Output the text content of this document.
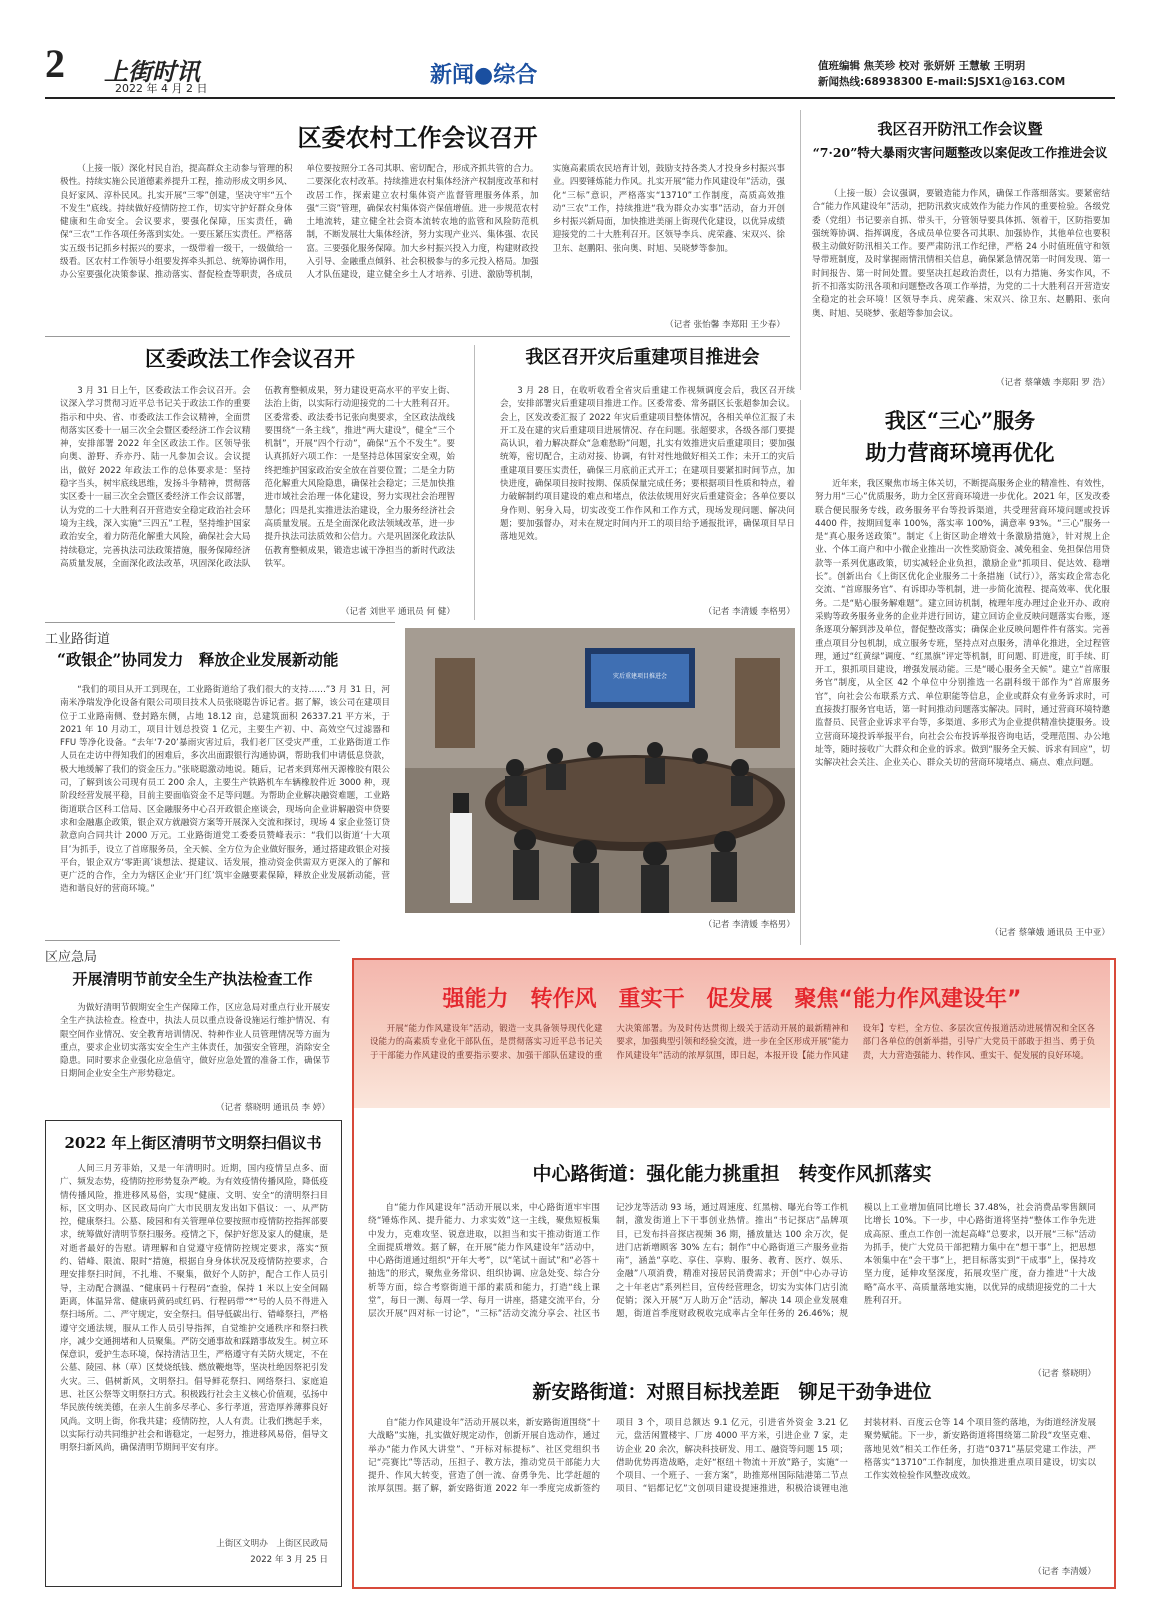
2 上街时讯
2022 年 4 月 2 日
新闻●综合	值班编辑 焦芙珍 校对 张妍妍 王慧敏 王明玥
新闻热线:68938300 E-mail:SJSX1@163.COM
区委农村工作会议召开

（上接一版）深化村民自治，提高群众主动参与管理的积极性。持续实施公民道德素养提升工程，推动形成文明乡风、良好家风、淳朴民风。扎实开展“三零”创建，坚决守牢“五个不发生”底线。持续做好疫情防控工作，切实守护好群众身体健康和生命安全。会议要求，要强化保障，压实责任，确保“三农”工作各项任务落到实处。一要压紧压实责任。严格落实五级书记抓乡村振兴的要求，一级带着一级干，一级做给一级看。区农村工作领导小组要发挥牵头抓总、统筹协调作用，办公室要强化决策参谋、推动落实、督促检查等职责，各成员单位要按照分工各司其职、密切配合，形成齐抓共管的合力。二要深化农村改革。持续推进农村集体经济产权制度改革和村改居工作，探索建立农村集体资产监督管理服务体系，加强“三资”管理，确保农村集体资产保值增值。进一步规范农村土地流转，建立健全社会资本流转农地的监管和风险防范机制，不断发展壮大集体经济，努力实现产业兴、集体强、农民富。三要强化服务保障。加大乡村振兴投入力度，构建财政投入引导、金融重点倾斜、社会积极参与的多元投入格局。加强人才队伍建设，建立健全乡土人才培养、引进、激励等机制，实施高素质农民培育计划，鼓励支持各类人才投身乡村振兴事业。四要锤炼能力作风。扎实开展“能力作风建设年”活动，强化“三标”意识，严格落实“13710”工作制度，高质高效推动“三农”工作，持续推进“我为群众办实事”活动，奋力开创乡村振兴新局面，加快推进美丽上街现代化建设，以优异成绩迎接党的二十大胜利召开。区领导李兵、虎荣鑫、宋双兴、徐卫东、赵鹏阳、张向奥、时旭、吴晓梦等参加。

（记者 张怡馨 李郑阳 王少春）
我区召开防汛工作会议暨
“7·20”特大暴雨灾害问题整改以案促改工作推进会议

（上接一版）会议强调，要锻造能力作风，确保工作落细落实。要紧密结合“能力作风建设年”活动，把防汛救灾成效作为能力作风的重要检验。各级党委（党组）书记要亲自抓、带头干，分管领导要具体抓、领着干，区防指要加强统筹协调、指挥调度，各成员单位要各司其职、加强协作，其他单位也要积极主动做好防汛相关工作。要严肃防汛工作纪律，严格 24 小时值班值守和领导带班制度，及时掌握雨情汛情相关信息，确保紧急情况第一时间发现、第一时间报告、第一时间处置。要坚决扛起政治责任，以有力措施、务实作风，不折不扣落实防汛各项和问题整改各项工作举措，为党的二十大胜利召开营造安全稳定的社会环境！区领导李兵、虎荣鑫、宋双兴、徐卫东、赵鹏阳、张向奥、时旭、吴晓梦、张超等参加会议。

（记者 蔡肇娥 李郑阳 罗 浩）
区委政法工作会议召开

3 月 31 日上午，区委政法工作会议召开。会议深入学习贯彻习近平总书记关于政法工作的重要指示和中央、省、市委政法工作会议精神，全面贯彻落实区委十一届三次全会暨区委经济工作会议精神，安排部署 2022 年全区政法工作。区领导张向奥、游野、乔亦丹、陆一凡参加会议。会议提出，做好 2022 年政法工作的总体要求是：坚持稳字当头，树牢底线思维，发扬斗争精神，贯彻落实区委十一届三次全会暨区委经济工作会议部署，认为党的二十大胜利召开营造安全稳定政治社会环境为主线，深入实施“三四五”工程，坚持维护国家政治安全，着力防范化解重大风险，确保社会大局持续稳定，完善执法司法政策措施，服务保障经济高质量发展，全面深化政法改革，巩固深化政法队伍教育整顿成果，努力建设更高水平的平安上街、法治上街，以实际行动迎接党的二十大胜利召开。区委常委、政法委书记张向奥要求，全区政法战线要围绕“一条主线”，推进“两大建设”，健全“三个机制”，开展“四个行动”，确保“五个不发生”。要认真抓好六项工作：一是坚持总体国家安全观，始终把维护国家政治安全放在首要位置；二是全力防范化解重大风险隐患，确保社会稳定；三是加快推进市域社会治理一体化建设，努力实现社会治理智慧化；四是扎实推进法治建设，全力服务经济社会高质量发展。五是全面深化政法领域改革，进一步提升执法司法质效和公信力。六是巩固深化政法队伍教育整顿成果，锻造忠诚干净担当的新时代政法铁军。

（记者 刘世平 通讯员 何 健）
我区召开灾后重建项目推进会

3 月 28 日，在收听收看全省灾后重建工作视频调度会后，我区召开续会，安排部署灾后重建项目推进工作。区委常委、常务副区长张超参加会议。会上，区发改委汇报了 2022 年灾后重建项目整体情况，各相关单位汇报了未开工及在建的灾后重建项目进展情况、存在问题。张超要求，各级各部门要提高认识，着力解决群众“急难愁盼”问题，扎实有效推进灾后重建项目；要加强统筹，密切配合，主动对接、协调，有针对性地做好相关工作；未开工的灾后重建项目要压实责任，确保三月底前正式开工；在建项目要紧扣时间节点，加快进度，确保项目按时按期、保质保量完成任务；要根据项目性质和特点，着力破解制约项目建设的难点和堵点，依法依规用好灾后重建资金；各单位要以身作则、躬身入局，切实改变工作作风和工作方式，现场发现问题、解决问题；要加强督办，对未在规定时间内开工的项目给予通报批评，确保项目早日落地见效。

（记者 李清媛 李格男）
我区“三心”服务
助力营商环境再优化

近年来，我区聚焦市场主体关切，不断提高服务企业的精准性、有效性，努力用“三心”优质服务，助力全区营商环境进一步优化。2021 年，区发改委联合便民服务专线，政务服务平台等投诉渠道，共受理营商环境问题或投诉 4400 件，按期回复率 100%，落实率 100%，满意率 93%。“三心”服务一是“真心服务送政策”。制定《上街区助企增效十条激励措施》，针对规上企业、个体工商户和中小微企业推出一次性奖励资金、减免租金、免担保信用贷款等一系列优惠政策，切实减轻企业负担，激励企业“抓项目、促达效、稳增长”。创新出台《上街区优化企业服务二十条措施（试行）》，落实政企常态化交流、“首席服务官”、有诉即办等机制，进一步简化流程、提高效率、优化服务。二是“贴心服务解难题”。建立回访机制，梳理年度办理过企业开办、政府采购等政务服务业务的企业并进行回访，建立回访企业反映问题落实台账，逐条逐项分解到涉及单位，督促整改落实；确保企业反映问题件件有落实。完善重点项目分包机制，成立服务专班，坚持点对点服务，清单化推进，全过程管理，通过“红黄绿”调度、“红黑旗”评定等机制，盯问题、盯进度，盯手续、盯开工，狠抓项目建设，增强发展动能。三是“暖心服务全天候”。建立“首席服务官”制度，从全区 42 个单位中分别推选一名副科级干部作为“首席服务官”，向社会公布联系方式、单位职能等信息，企业或群众有业务诉求时，可直接拨打服务官电话，第一时间推动问题落实解决。同时，通过营商环境特邀监督员、民营企业诉求平台等，多渠道、多形式为企业提供精准快捷服务。设立营商环境投诉举报平台，向社会公布投诉举报咨询电话，受理范围、办公地址等，随时接收广大群众和企业的诉求。做到“服务全天候、诉求有回应”，切实解决社会关注、企业关心、群众关切的营商环境堵点、痛点、难点问题。

（记者 蔡肇娥 通讯员 王中亚）
工业路街道
“政银企”协同发力　释放企业发展新动能

“我们的项目从开工到现在，工业路街道给了我们很大的支持……”3 月 31 日，河南米净瑞发净化设备有限公司项目技术人员张晓聪告诉记者。据了解，该公司在建项目位于工业路南侧、登封路东侧，占地 18.12 亩，总建筑面积 26337.21 平方米，于 2021 年 10 月动工，项目计划总投资 1 亿元，主要生产初、中、高效空气过滤器和 FFU 等净化设备。“去年‘7·20’暴雨灾害过后，我们老厂区受灾严重，工业路街道工作人员在走访中得知我们的困难后，多次出面跟银行沟通协调，帮助我们申请低息贷款，极大地缓解了我们的资金压力。”张晓聪激动地说。随后，记者来到郑州天源橡胶有限公司，了解到该公司现有员工 200 余人，主要生产铁路机车车辆橡胶件近 3000 种，现阶段经营发展平稳，目前主要面临资金不足等问题。为帮助企业解决融资难题，工业路街道联合区科工信局、区金融服务中心召开政银企座谈会，现场向企业讲解融资申贷要求和金融惠企政策，银企双方就融资方案等开展深入交流和探讨，现场 4 家企业签订贷款意向合同共计 2000 万元。工业路街道党工委委员赞峰表示：“我们以街道‘十大项目’为抓手，设立了首席服务员，全天候、全方位为企业做好服务，通过搭建政银企对接平台，银企双方‘零距离’谈想法、提建议、话发展，推动资金供需双方更深入的了解和更广泛的合作，全力为辖区企业‘开门红’筑牢金融要素保障，释放企业发展新动能，营造和谐良好的营商环境。”

灾后重建项目推进会
（记者 李清媛 李格男）
区应急局
开展清明节前安全生产执法检查工作

为做好清明节假期安全生产保障工作，区应急局对重点行业开展安全生产执法检查。检查中，执法人员以重点设备设施运行维护情况、有限空间作业情况、安全教育培训情况、特种作业人员管理情况等方面为重点，要求企业切实落实安全生产主体责任，加强安全管理，消除安全隐患。同时要求企业强化应急值守，做好应急处置的准备工作，确保节日期间企业安全生产形势稳定。

（记者 蔡晓明 通讯员 李 婷）
2022 年上街区清明节文明祭扫倡议书

人间三月芳菲始，又是一年清明时。近期，国内疫情呈点多、面广、频发态势，疫情防控形势复杂严峻。为有效疫情传播风险，降低疫情传播风险，推进移风易俗，实现“健康、文明、安全”的清明祭扫目标，区文明办、区民政局向广大市民朋友发出如下倡议：一、从严防控，健康祭扫。公墓、陵园和有关管理单位要按照市疫情防控指挥部要求，统筹做好清明节祭扫服务。疫情之下，保护好您及家人的健康，是对逝者最好的告慰。请理解和自觉遵守疫情防控规定要求，落实“预约、错峰、限流、限时”措施，根据自身身体状况及疫情防控要求，合理安排祭扫时间，不扎堆、不聚集，做好个人防护，配合工作人员引导，主动配合测温、“健康码＋行程码”查验，保持 1 米以上安全间隔距离，体温异常、健康码黄码或红码、行程码带“*”号的人员不得进入祭扫场所。二、严守规定，安全祭扫。倡导低碳出行、错峰祭扫，严格遵守交通法规，服从工作人员引导指挥，自觉维护交通秩序和祭扫秩序，减少交通拥堵和人员聚集。严防交通事故和踩踏事故发生。树立环保意识，爱护生态环境，保持清洁卫生，严格遵守有关防火规定，不在公墓、陵园、林（草）区焚烧纸钱、燃放鞭炮等，坚决杜绝因祭祀引发火灾。三、倡树新风，文明祭扫。倡导鲜花祭扫、网络祭扫、家庭追思、社区公祭等文明祭扫方式。积极践行社会主义核心价值观，弘扬中华民族传统美德，在亲人生前多尽孝心、多行孝道，营造厚养薄葬良好风尚。文明上街，你我共建；疫情防控，人人有责。让我们携起手来，以实际行动共同维护社会和谐稳定，一起努力，推进移风易俗，倡导文明祭扫新风尚，确保清明节期间平安有序。

上街区文明办　上街区民政局
2022 年 3 月 25 日
强能力　转作风　重实干　促发展　聚焦“能力作风建设年”

开展“能力作风建设年”活动，锻造一支具备领导现代化建设能力的高素质专业化干部队伍，是贯彻落实习近平总书记关于干部能力作风建设的重要指示要求、加强干部队伍建设的重大决策部署。为及时传达贯彻上级关于活动开展的最新精神和要求，加强典型引领和经验交流，进一步在全区形成开展“能力作风建设年”活动的浓厚氛围，即日起，本报开设【能力作风建设年】专栏，全方位、多层次宣传报道活动进展情况和全区各部门各单位的创新举措，引导广大党员干部敢于担当、勇于负责，大力营造强能力、转作风、重实干、促发展的良好环境。

中心路街道：强化能力挑重担　转变作风抓落实

自“能力作风建设年”活动开展以来，中心路街道牢牢围绕“锤炼作风、提升能力、力求实效”这一主线，聚焦短板集中发力，克难攻坚、锐意进取，以担当和实干推动街道工作全面提质增效。据了解，在开展“能力作风建设年”活动中，中心路街道通过组织“开年大考”，以“笔试＋面试”和“必答＋抽选”的形式，聚焦业务常识、组织协调、应急处变、综合分析等方面，综合考察街道干部的素质和能力，打造“线上课堂”，每日一测、每周一学、每月一讲座，搭建交流平台，分层次开展“四对标一讨论”，“三标”活动交流分享会、社区书记沙龙等活动 93 场，通过周速度、红黑榜、曝光台等工作机制，激发街道上下干事创业热情。推出“书记探店”品牌项目，已发布抖音探店视频 36 期，播放量达 100 余万次，促进门店新增顾客 30% 左右；制作“中心路街道三产服务业指南”，涵盖“享吃、享住、享购、服务、教育、医疗、娱乐、金融”八项消费，精准对接居民消费需求；开创“中心办寻访之十年老店”系列栏目，宣传经营理念，切实为实体门店引流促销；深入开展“万人助万企”活动，解决 14 项企业发展难题，街道首季度财政税收完成率占全年任务的 26.46%；规模以上工业增加值同比增长 37.48%，社会消费品零售额同比增长 10%。下一步，中心路街道将坚持“整体工作争先进成高原、重点工作创一流起高峰”总要求，以开展“三标”活动为抓手，使广大党员干部把精力集中在“想干事”上，把思想本领集中在“会干事”上，把目标落实到“干成事”上，保持攻坚力度，延伸攻坚深度，拓展攻坚广度，奋力推进“十大战略”高水平、高质量落地实施，以优异的成绩迎接党的二十大胜利召开。

（记者 蔡晓明）
新安路街道：对照目标找差距　铆足干劲争进位

自“能力作风建设年”活动开展以来，新安路街道围绕“十大战略”实施，扎实做好规定动作，创新开展自选动作，通过举办“能力作风大讲堂”、“开标对标提标”、社区党组织书记“亮赛比”等活动，压担子、教方法，推动党员干部能力大提升、作风大转变，营造了创一流、奋勇争先、比学赶超的浓厚氛围。据了解，新安路街道 2022 年一季度完成新签约项目 3 个，项目总额达 9.1 亿元，引进省外资金 3.21 亿元，盘活闲置楼宇、厂房 4000 平方米，引进企业 7 家，走访企业 20 余次，解决科技研发、用工、融资等问题 15 项；借助优势再造战略，走好“枢纽＋物流＋开放”路子，实施“一个项目、一个班子、一套方案”，助推郑州国际陆港第二节点项目、“铝都记忆”文创项目建设提速推进，积极洽谈锂电池封装材料、百度云仓等 14 个项目签约落地，为街道经济发展聚势赋能。下一步，新安路街道将围绕第二阶段“攻坚克难、落地见效”相关工作任务，打造“0371”基层党建工作法，严格落实“13710”工作制度，加快推进重点项目建设，切实以工作实效检验作风整改成效。

（记者 李清媛）
